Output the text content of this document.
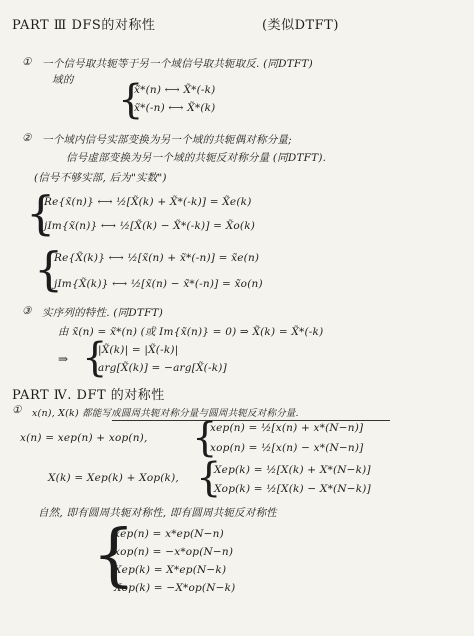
PART Ⅲ DFS的对称性	(类似DTFT)
① 一个信号取共轭等于另一个域信号取共轭取反. (同DTFT)
域的 {
x̃*(n) ⟷ X̃*(-k)
x̃*(-n) ⟷ X̃*(k)
② 一个域内信号实部变换为另一个域的共轭偶对称分量;
信号虚部变换为另一个域的共轭反对称分量 (同DTFT).
(信号不够实部, 后为"实数")
{
Re{x̃(n)} ⟷ ½[X̃(k) + X̃*(-k)] = X̃e(k)
jIm{x̃(n)} ⟷ ½[X̃(k) − X̃*(-k)] = X̃o(k)
{
Re{X̃(k)} ⟷ ½[x̃(n) + x̃*(-n)] = x̃e(n)
jIm{X̃(k)} ⟷ ½[x̃(n) − x̃*(-n)] = x̃o(n)
③ 实序列的特性. (同DTFT)
由 x̃(n) = x̃*(n) (或 Im{x̃(n)} = 0) ⇒ X̃(k) = X̃*(-k)
⇒ {
|X̃(k)| = |X̃(-k)|
arg[X̃(k)] = −arg[X̃(-k)]
PART Ⅳ. DFT 的对称性
① x(n), X(k) 都能写成圆周共轭对称分量与圆周共轭反对称分量.
x(n) = xep(n) + xop(n), {
xep(n) = ½[x(n) + x*(N−n)]
xop(n) = ½[x(n) − x*(N−n)]
X(k) = Xep(k) + Xop(k), {
Xep(k) = ½[X(k) + X*(N−k)]
Xop(k) = ½[X(k) − X*(N−k)]
自然, 即有圆周共轭对称性, 即有圆周共轭反对称性
{
xep(n) = x*ep(N−n)
xop(n) = −x*op(N−n)
Xep(k) = X*ep(N−k)
Xop(k) = −X*op(N−k)
